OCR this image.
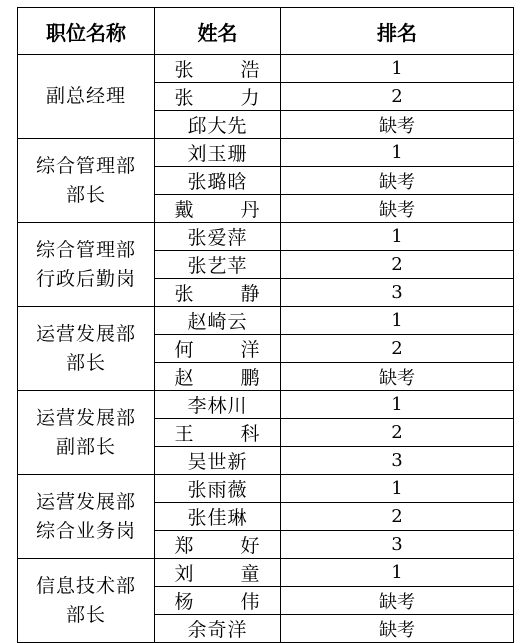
职位名称	姓名	排名

副总经理	张浩	1
	张力	2
	邱大先	缺考

综合管理部
部长	刘玉珊	1
	张璐晗	缺考
	戴丹	缺考

综合管理部
行政后勤岗	张爱萍	1
	张艺苹	2
	张静	3

运营发展部
部长	赵崎云	1
	何洋	2
	赵鹏	缺考

运营发展部
副部长	李林川	1
	王科	2
	吴世新	3

运营发展部
综合业务岗	张雨薇	1
	张佳琳	2
	郑好	3

信息技术部
部长	刘童	1
	杨伟	缺考
	余奇洋	缺考
